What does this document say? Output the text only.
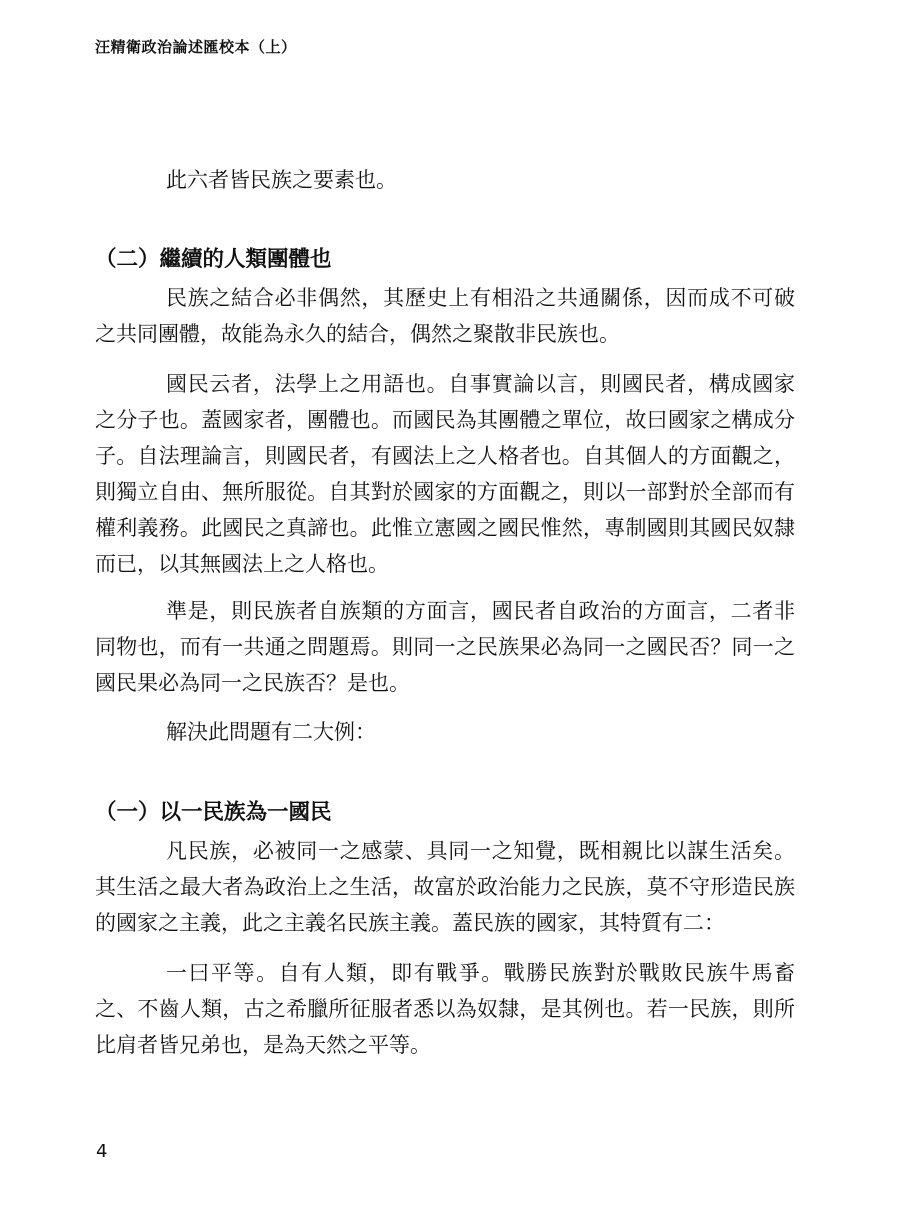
汪精衛政治論述匯校本（上）

此六者皆民族之要素也。

（二）繼續的人類團體也

民族之結合必非偶然，其歷史上有相沿之共通關係，因而成不可破之共同團體，故能為永久的結合，偶然之聚散非民族也。

國民云者，法學上之用語也。自事實論以言，則國民者，構成國家之分子也。蓋國家者，團體也。而國民為其團體之單位，故曰國家之構成分子。自法理論言，則國民者，有國法上之人格者也。自其個人的方面觀之，則獨立自由、無所服從。自其對於國家的方面觀之，則以一部對於全部而有權利義務。此國民之真諦也。此惟立憲國之國民惟然，專制國則其國民奴隸而已，以其無國法上之人格也。

準是，則民族者自族類的方面言，國民者自政治的方面言，二者非同物也，而有一共通之問題焉。則同一之民族果必為同一之國民否？同一之國民果必為同一之民族否？是也。

解決此問題有二大例：

（一）以一民族為一國民

凡民族，必被同一之感蒙、具同一之知覺，既相親比以謀生活矣。其生活之最大者為政治上之生活，故富於政治能力之民族，莫不守形造民族的國家之主義，此之主義名民族主義。蓋民族的國家，其特質有二：

一曰平等。自有人類，即有戰爭。戰勝民族對於戰敗民族牛馬畜之、不齒人類，古之希臘所征服者悉以為奴隸，是其例也。若一民族，則所比肩者皆兄弟也，是為天然之平等。

4
